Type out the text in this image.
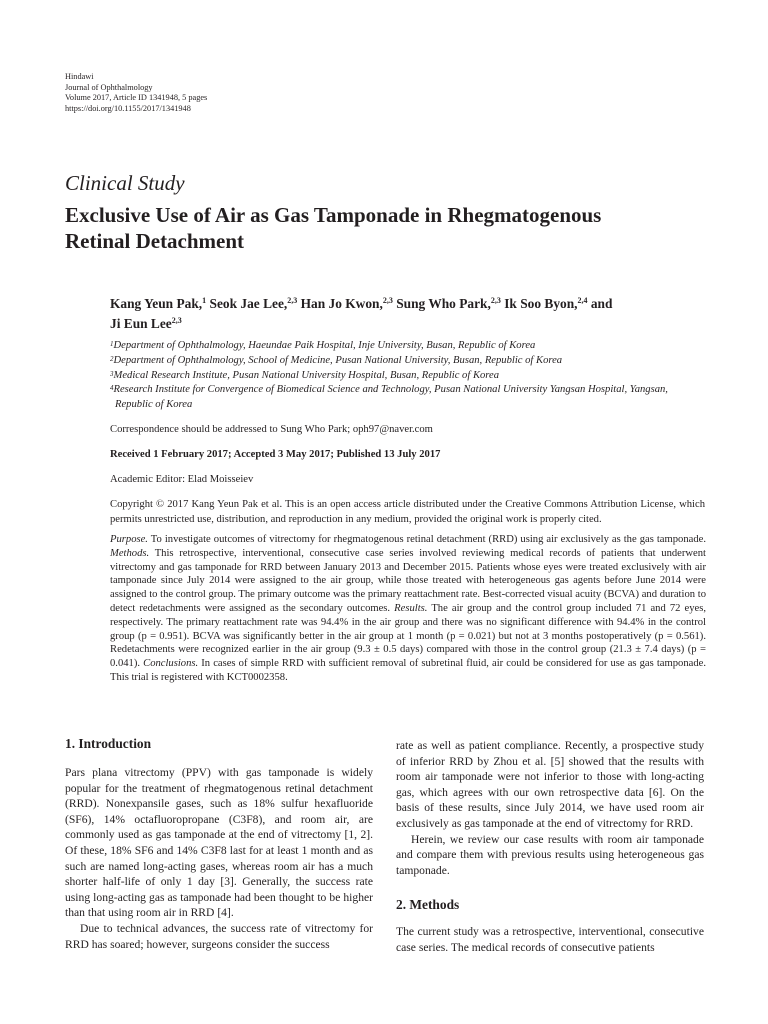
Hindawi
Journal of Ophthalmology
Volume 2017, Article ID 1341948, 5 pages
https://doi.org/10.1155/2017/1341948
Clinical Study
Exclusive Use of Air as Gas Tamponade in Rhegmatogenous
Retinal Detachment
Kang Yeun Pak,$^1$ Seok Jae Lee,$^{2,3}$ Han Jo Kwon,$^{2,3}$ Sung Who Park,$^{2,3}$ Ik Soo Byon,$^{2,4}$ and
Ji Eun Lee$^{2,3}$
$^1$Department of Ophthalmology, Haeundae Paik Hospital, Inje University, Busan, Republic of Korea
$^2$Department of Ophthalmology, School of Medicine, Pusan National University, Busan, Republic of Korea
$^3$Medical Research Institute, Pusan National University Hospital, Busan, Republic of Korea
$^4$Research Institute for Convergence of Biomedical Science and Technology, Pusan National University Yangsan Hospital, Yangsan,
Republic of Korea
Correspondence should be addressed to Sung Who Park; oph97@naver.com
Received 1 February 2017; Accepted 3 May 2017; Published 13 July 2017
Academic Editor: Elad Moisseiev
Copyright © 2017 Kang Yeun Pak et al. This is an open access article distributed under the Creative Commons Attribution License, which permits unrestricted use, distribution, and reproduction in any medium, provided the original work is properly cited.
Purpose. To investigate outcomes of vitrectomy for rhegmatogenous retinal detachment (RRD) using air exclusively as the gas tamponade. Methods. This retrospective, interventional, consecutive case series involved reviewing medical records of patients that underwent vitrectomy and gas tamponade for RRD between January 2013 and December 2015. Patients whose eyes were treated exclusively with air tamponade since July 2014 were assigned to the air group, while those treated with heterogeneous gas agents before June 2014 were assigned to the control group. The primary outcome was the primary reattachment rate. Best-corrected visual acuity (BCVA) and duration to detect redetachments were assigned as the secondary outcomes. Results. The air group and the control group included 71 and 72 eyes, respectively. The primary reattachment rate was 94.4% in the air group and there was no significant difference with 94.4% in the control group (p = 0.951). BCVA was significantly better in the air group at 1 month (p = 0.021) but not at 3 months postoperatively (p = 0.561). Redetachments were recognized earlier in the air group (9.3 ± 0.5 days) compared with those in the control group (21.3 ± 7.4 days) (p = 0.041). Conclusions. In cases of simple RRD with sufficient removal of subretinal fluid, air could be considered for use as gas tamponade. This trial is registered with KCT0002358.
1. Introduction

Pars plana vitrectomy (PPV) with gas tamponade is widely popular for the treatment of rhegmatogenous retinal detachment (RRD). Nonexpansile gases, such as 18% sulfur hexafluoride (SF6), 14% octafluoropropane (C3F8), and room air, are commonly used as gas tamponade at the end of vitrectomy [1, 2]. Of these, 18% SF6 and 14% C3F8 last for at least 1 month and as such are named long-acting gases, whereas room air has a much shorter half-life of only 1 day [3]. Generally, the success rate using long-acting gas as tamponade had been thought to be higher than that using room air in RRD [4].

Due to technical advances, the success rate of vitrectomy for RRD has soared; however, surgeons consider the success

rate as well as patient compliance. Recently, a prospective study of inferior RRD by Zhou et al. [5] showed that the results with room air tamponade were not inferior to those with long-acting gas, which agrees with our own retrospective data [6]. On the basis of these results, since July 2014, we have used room air exclusively as gas tamponade at the end of vitrectomy for RRD.

Herein, we review our case results with room air tamponade and compare them with previous results using heterogeneous gas tamponade.

2. Methods

The current study was a retrospective, interventional, consecutive case series. The medical records of consecutive patients
